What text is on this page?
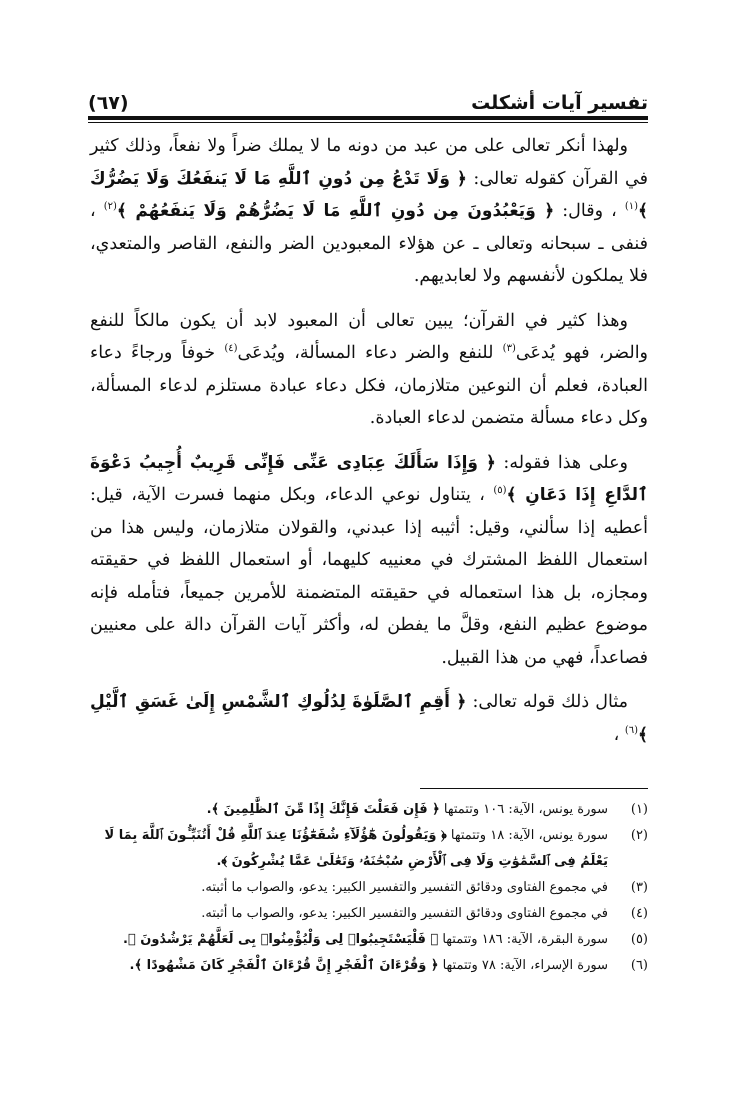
تفسير آيات أشكلت
(٦٧)

ولهذا أنكر تعالى على من عبد من دونه ما لا يملك ضراً ولا نفعاً، وذلك كثير في القرآن كقوله تعالى: ﴿ وَلَا تَدْعُ مِن دُونِ ٱللَّهِ مَا لَا يَنفَعُكَ وَلَا يَضُرُّكَ ﴾$^{(١)}$ ، وقال: ﴿ وَيَعْبُدُونَ مِن دُونِ ٱللَّهِ مَا لَا يَضُرُّهُمْ وَلَا يَنفَعُهُمْ ﴾$^{(٢)}$ ، فنفى ـ سبحانه وتعالى ـ عن هؤلاء المعبودين الضر والنفع، القاصر والمتعدي، فلا يملكون لأنفسهم ولا لعابديهم.

وهذا كثير في القرآن؛ يبين تعالى أن المعبود لابد أن يكون مالكاً للنفع والضر، فهو يُدعَى$^{(٣)}$ للنفع والضر دعاء المسألة، ويُدعَى$^{(٤)}$ خوفاً ورجاءً دعاء العبادة، فعلم أن النوعين متلازمان، فكل دعاء عبادة مستلزم لدعاء المسألة، وكل دعاء مسألة متضمن لدعاء العبادة.

وعلى هذا فقوله: ﴿ وَإِذَا سَأَلَكَ عِبَادِى عَنِّى فَإِنِّى قَرِيبٌ أُجِيبُ دَعْوَةَ ٱلدَّاعِ إِذَا دَعَانِ ﴾$^{(٥)}$ ، يتناول نوعي الدعاء، وبكل منهما فسرت الآية، قيل: أعطيه إذا سألني، وقيل: أثيبه إذا عبدني، والقولان متلازمان، وليس هذا من استعمال اللفظ المشترك في معنييه كليهما، أو استعمال اللفظ في حقيقته ومجازه، بل هذا استعماله في حقيقته المتضمنة للأمرين جميعاً، فتأمله فإنه موضوع عظيم النفع، وقلَّ ما يفطن له، وأكثر آيات القرآن دالة على معنيين فصاعداً، فهي من هذا القبيل.

مثال ذلك قوله تعالى: ﴿ أَقِمِ ٱلصَّلَوٰةَ لِدُلُوكِ ٱلشَّمْسِ إِلَىٰ غَسَقِ ٱلَّيْلِ ﴾$^{(٦)}$ ،

(١)
سورة يونس، الآية: ١٠٦ وتتمتها ﴿ فَإِن فَعَلْتَ فَإِنَّكَ إِذًا مِّنَ ٱلظَّٰلِمِينَ ﴾.
(٢)
سورة يونس، الآية: ١٨ وتتمتها ﴿ وَيَقُولُونَ هَٰٓؤُلَآءِ شُفَعَٰٓؤُنَا عِندَ ٱللَّهِ قُلْ أَتُنَبِّـُٔونَ ٱللَّهَ بِمَا لَا يَعْلَمُ فِى ٱلسَّمَٰوَٰتِ وَلَا فِى ٱلْأَرْضِ سُبْحَٰنَهُۥ وَتَعَٰلَىٰ عَمَّا يُشْرِكُونَ ﴾.
(٣)
في مجموع الفتاوى ودقائق التفسير والتفسير الكبير: يدعو، والصواب ما أثبته.
(٤)
في مجموع الفتاوى ودقائق التفسير والتفسير الكبير: يدعو، والصواب ما أثبته.
(٥)
سورة البقرة، الآية: ١٨٦ وتتمتها ﴿ فَلْيَسْتَجِيبُوا۟ لِى وَلْيُؤْمِنُوا۟ بِى لَعَلَّهُمْ يَرْشُدُونَ ﴾.
(٦)
سورة الإسراء، الآية: ٧٨ وتتمتها ﴿ وَقُرْءَانَ ٱلْفَجْرِ إِنَّ قُرْءَانَ ٱلْفَجْرِ كَانَ مَشْهُودًا ﴾.
